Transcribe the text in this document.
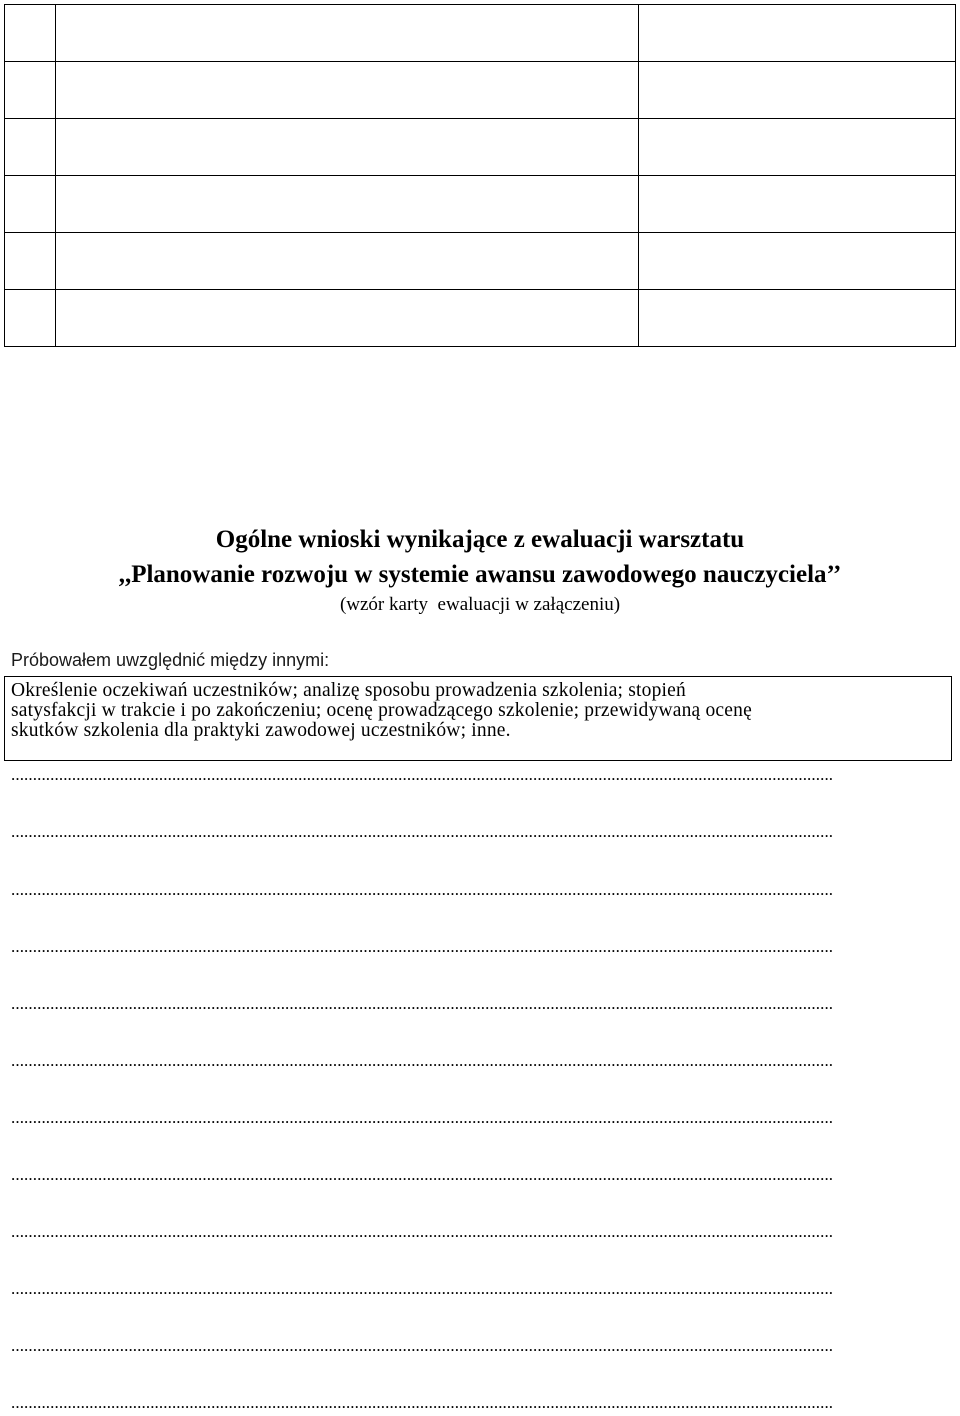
Ogólne wnioski wynikające z ewaluacji warsztatu
,,Planowanie rozwoju w systemie awansu zawodowego nauczyciela’’
(wzór karty  ewaluacji w załączeniu)
Próbowałem uwzględnić między innymi:
Określenie oczekiwań uczestników; analizę sposobu prowadzenia szkolenia; stopień
satysfakcji w trakcie i po zakończeniu; ocenę prowadzącego szkolenie; przewidywaną ocenę
skutków szkolenia dla praktyki zawodowej uczestników; inne.
.............................................................................................................................................................................................
.............................................................................................................................................................................................
.............................................................................................................................................................................................
.............................................................................................................................................................................................
.............................................................................................................................................................................................
.............................................................................................................................................................................................
.............................................................................................................................................................................................
.............................................................................................................................................................................................
.............................................................................................................................................................................................
.............................................................................................................................................................................................
.............................................................................................................................................................................................
.............................................................................................................................................................................................
